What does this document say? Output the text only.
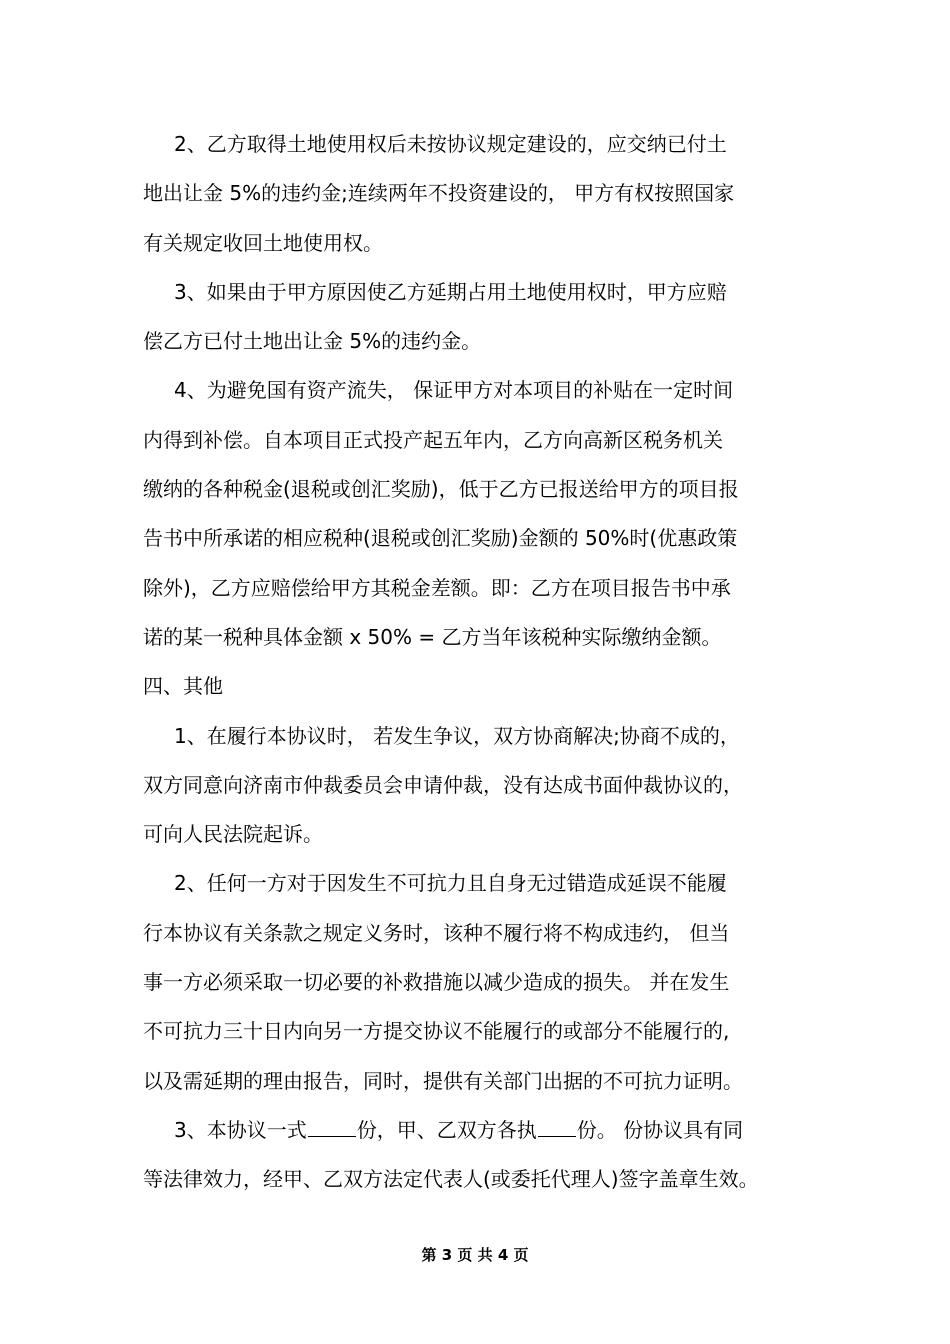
2、乙方取得土地使用权后未按协议规定建设的，应交纳已付土
地出让金 5%的违约金;连续两年不投资建设的， 甲方有权按照国家
有关规定收回土地使用权。

3、如果由于甲方原因使乙方延期占用土地使用权时，甲方应赔
偿乙方已付土地出让金 5%的违约金。

4、为避免国有资产流失， 保证甲方对本项目的补贴在一定时间
内得到补偿。自本项目正式投产起五年内，乙方向高新区税务机关
缴纳的各种税金(退税或创汇奖励)，低于乙方已报送给甲方的项目报
告书中所承诺的相应税种(退税或创汇奖励)金额的 50%时(优惠政策
除外)，乙方应赔偿给甲方其税金差额。即：乙方在项目报告书中承
诺的某一税种具体金额 x 50% = 乙方当年该税种实际缴纳金额。

四、其他

1、在履行本协议时， 若发生争议，双方协商解决;协商不成的，
双方同意向济南市仲裁委员会申请仲裁，没有达成书面仲裁协议的，
可向人民法院起诉。

2、任何一方对于因发生不可抗力且自身无过错造成延误不能履
行本协议有关条款之规定义务时，该种不履行将不构成违约， 但当
事一方必须采取一切必要的补救措施以减少造成的损失。 并在发生
不可抗力三十日内向另一方提交协议不能履行的或部分不能履行的,
以及需延期的理由报告，同时，提供有关部门出据的不可抗力证明。

3、本协议一式	份，甲、乙双方各执 份。 份协议具有同
等法律效力，经甲、乙双方法定代表人(或委托代理人)签字盖章生效。

第 3 页 共 4 页
